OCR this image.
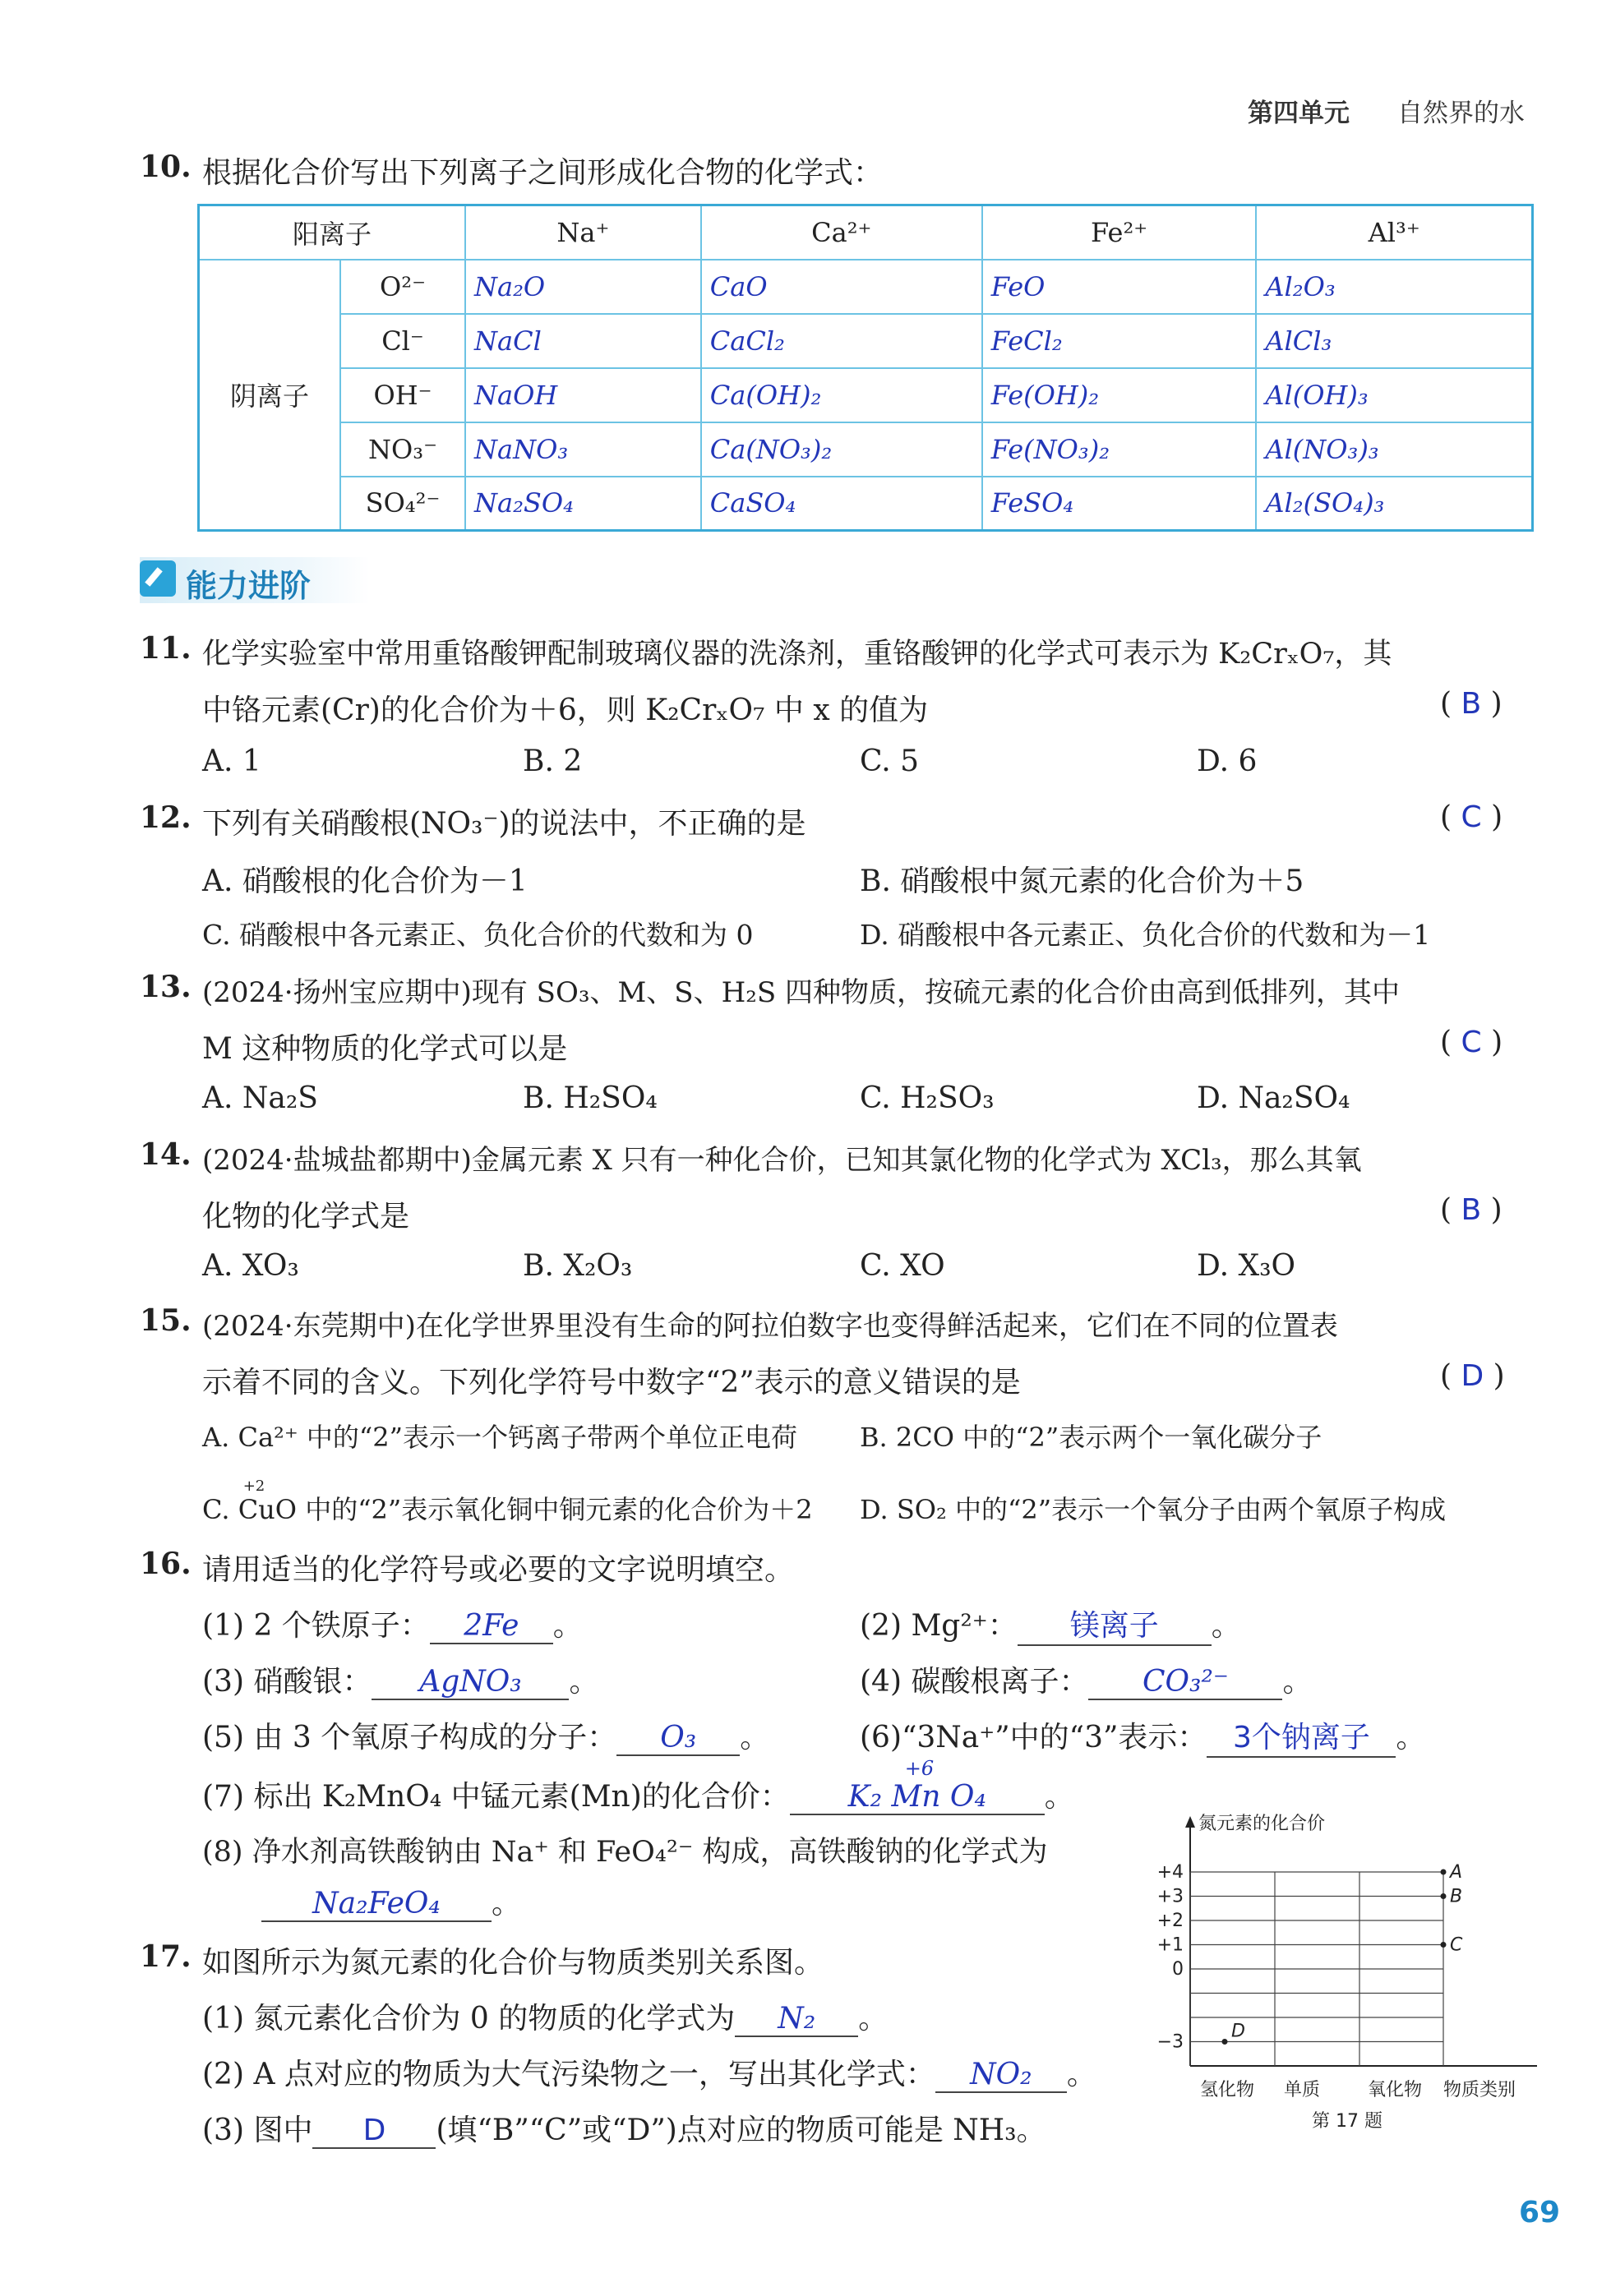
第四单元 自然界的水
10. 根据化合价写出下列离子之间形成化合物的化学式：
阳离子		Na⁺	Ca²⁺	Fe²⁺	Al³⁺
阴离子	O²⁻	Na₂O	CaO	FeO	Al₂O₃
	Cl⁻	NaCl	CaCl₂	FeCl₂	AlCl₃
	OH⁻	NaOH	Ca(OH)₂	Fe(OH)₂	Al(OH)₃
	NO₃⁻	NaNO₃	Ca(NO₃)₂	Fe(NO₃)₂	Al(NO₃)₃
	SO₄²⁻	Na₂SO₄	CaSO₄	FeSO₄	Al₂(SO₄)₃
能力进阶
11. 化学实验室中常用重铬酸钾配制玻璃仪器的洗涤剂，重铬酸钾的化学式可表示为 K₂CrₓO₇，其
中铬元素(Cr)的化合价为＋6，则 K₂CrₓO₇ 中 x 的值为	( B )
A. 1	B. 2	C. 5	D. 6
12. 下列有关硝酸根(NO₃⁻)的说法中，不正确的是	( C )
A. 硝酸根的化合价为－1	B. 硝酸根中氮元素的化合价为＋5
C. 硝酸根中各元素正、负化合价的代数和为 0	D. 硝酸根中各元素正、负化合价的代数和为－1
13. (2024·扬州宝应期中)现有 SO₃、M、S、H₂S 四种物质，按硫元素的化合价由高到低排列，其中
M 这种物质的化学式可以是	( C )
A. Na₂S	B. H₂SO₄	C. H₂SO₃	D. Na₂SO₄
14. (2024·盐城盐都期中)金属元素 X 只有一种化合价，已知其氯化物的化学式为 XCl₃，那么其氧
化物的化学式是	( B )
A. XO₃	B. X₂O₃	C. XO	D. X₃O
15. (2024·东莞期中)在化学世界里没有生命的阿拉伯数字也变得鲜活起来，它们在不同的位置表
示着不同的含义。下列化学符号中数字“2”表示的意义错误的是	( D )
A. Ca²⁺ 中的“2”表示一个钙离子带两个单位正电荷 B. 2CO 中的“2”表示两个一氧化碳分子
C.
+2
CuO 中的“2”表示氧化铜中铜元素的化合价为＋2 D. SO₂ 中的“2”表示一个氧分子由两个氧原子构成
16. 请用适当的化学符号或必要的文字说明填空。
(1) 2 个铁原子： 2Fe 。	(2) Mg²⁺： 镁离子 。
(3) 硝酸银： AgNO₃ 。	(4) 碳酸根离子： CO₃²⁻ 。
(5) 由 3 个氧原子构成的分子： O₃ 。	(6)“3Na⁺”中的“3”表示： 3个钠离子 。
(7) 标出 K₂MnO₄ 中锰元素(Mn)的化合价：
+6
K₂ Mn O₄ 。
(8) 净水剂高铁酸钠由 Na⁺ 和 FeO₄²⁻ 构成，高铁酸钠的化学式为
Na₂FeO₄ 。
17. 如图所示为氮元素的化合价与物质类别关系图。
(1) 氮元素化合价为 0 的物质的化学式为 N₂ 。
(2) A 点对应的物质为大气污染物之一，写出其化学式： NO₂ 。
(3) 图中 D (填“B”“C”或“D”)点对应的物质可能是 NH₃。
氮元素的化合价
+4
+3
+2
+1
0
−3
A
B
C
D
氢化物 单质	氧化物 物质类别
第 17 题
69
